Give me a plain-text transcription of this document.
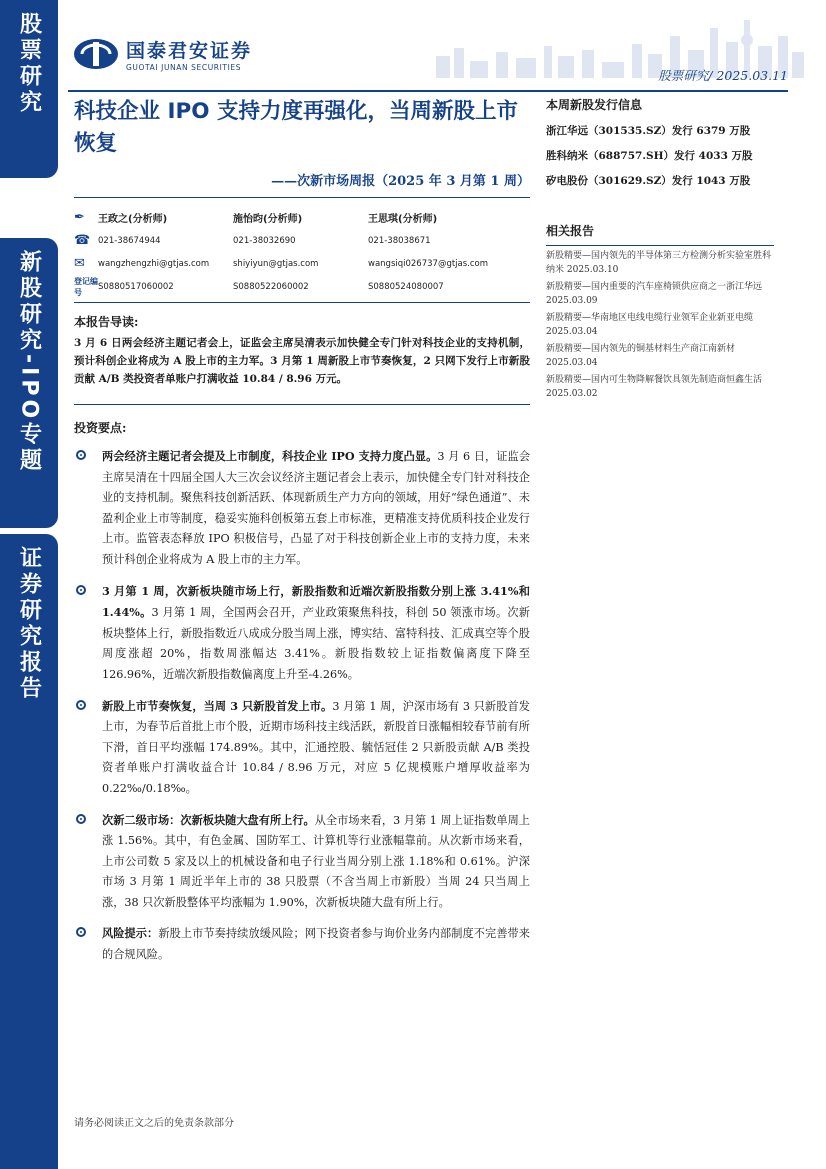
股票研究
新股研究-IPO专题
证券研究报告
国泰君安证券
GUOTAI JUNAN SECURITIES
股票研究/ 2025.03.11
科技企业 IPO 支持力度再强化，当周新股上市恢复
——次新市场周报（2025 年 3 月第 1 周）
✒	王政之(分析师)	施怡昀(分析师)	王思琪(分析师)
☎ 021-38674944	021-38032690	021-38038671
✉	wangzhengzhi@gtjas.com	shiyiyun@gtjas.com	wangsiqi026737@gtjas.com
登记编号
S0880517060002	S0880522060002	S0880524080007
本报告导读:

3 月 6 日两会经济主题记者会上，证监会主席吴清表示加快健全专门针对科技企业的支持机制，预计科创企业将成为 A 股上市的主力军。3 月第 1 周新股上市节奏恢复，2 只网下发行上市新股贡献 A/B 类投资者单账户打满收益 10.84 / 8.96 万元。

投资要点:
两会经济主题记者会提及上市制度，科技企业 IPO 支持力度凸显。3 月 6 日，证监会主席吴清在十四届全国人大三次会议经济主题记者会上表示，加快健全专门针对科技企业的支持机制。聚焦科技创新活跃、体现新质生产力方向的领域，用好“绿色通道”、未盈利企业上市等制度，稳妥实施科创板第五套上市标准，更精准支持优质科技企业发行上市。监管表态释放 IPO 积极信号，凸显了对于科技创新企业上市的支持力度，未来预计科创企业将成为 A 股上市的主力军。
3 月第 1 周，次新板块随市场上行，新股指数和近端次新股指数分别上涨 3.41%和 1.44%。3 月第 1 周，全国两会召开，产业政策聚焦科技，科创 50 领涨市场。次新板块整体上行，新股指数近八成成分股当周上涨，博实结、富特科技、汇成真空等个股周度涨超 20%，指数周涨幅达 3.41%。新股指数较上证指数偏离度下降至 126.96%，近端次新股指数偏离度上升至-4.26%。
新股上市节奏恢复，当周 3 只新股首发上市。3 月第 1 周，沪深市场有 3 只新股首发上市，为春节后首批上市个股，近期市场科技主线活跃，新股首日涨幅相较春节前有所下滑，首日平均涨幅 174.89%。其中，汇通控股、毓恬冠佳 2 只新股贡献 A/B 类投资者单账户打满收益合计 10.84 / 8.96 万元，对应 5 亿规模账户增厚收益率为 0.22‰/0.18‰。
次新二级市场：次新板块随大盘有所上行。从全市场来看，3 月第 1 周上证指数单周上涨 1.56%。其中，有色金属、国防军工、计算机等行业涨幅靠前。从次新市场来看，上市公司数 5 家及以上的机械设备和电子行业当周分别上涨 1.18%和 0.61%。沪深市场 3 月第 1 周近半年上市的 38 只股票（不含当周上市新股）当周 24 只当周上涨，38 只次新股整体平均涨幅为 1.90%，次新板块随大盘有所上行。
风险提示：新股上市节奏持续放缓风险；网下投资者参与询价业务内部制度不完善带来的合规风险。
本周新股发行信息
浙江华远（301535.SZ）发行 6379 万股
胜科纳米（688757.SH）发行 4033 万股
矽电股份（301629.SZ）发行 1043 万股
相关报告
新股精要—国内领先的半导体第三方检测分析实验室胜科纳米 2025.03.10
新股精要—国内重要的汽车座椅锁供应商之一浙江华远 2025.03.09
新股精要—华南地区电线电缆行业领军企业新亚电缆 2025.03.04
新股精要—国内领先的铜基材料生产商江南新材 2025.03.04
新股精要—国内可生物降解餐饮具领先制造商恒鑫生活 2025.03.02
请务必阅读正文之后的免责条款部分
